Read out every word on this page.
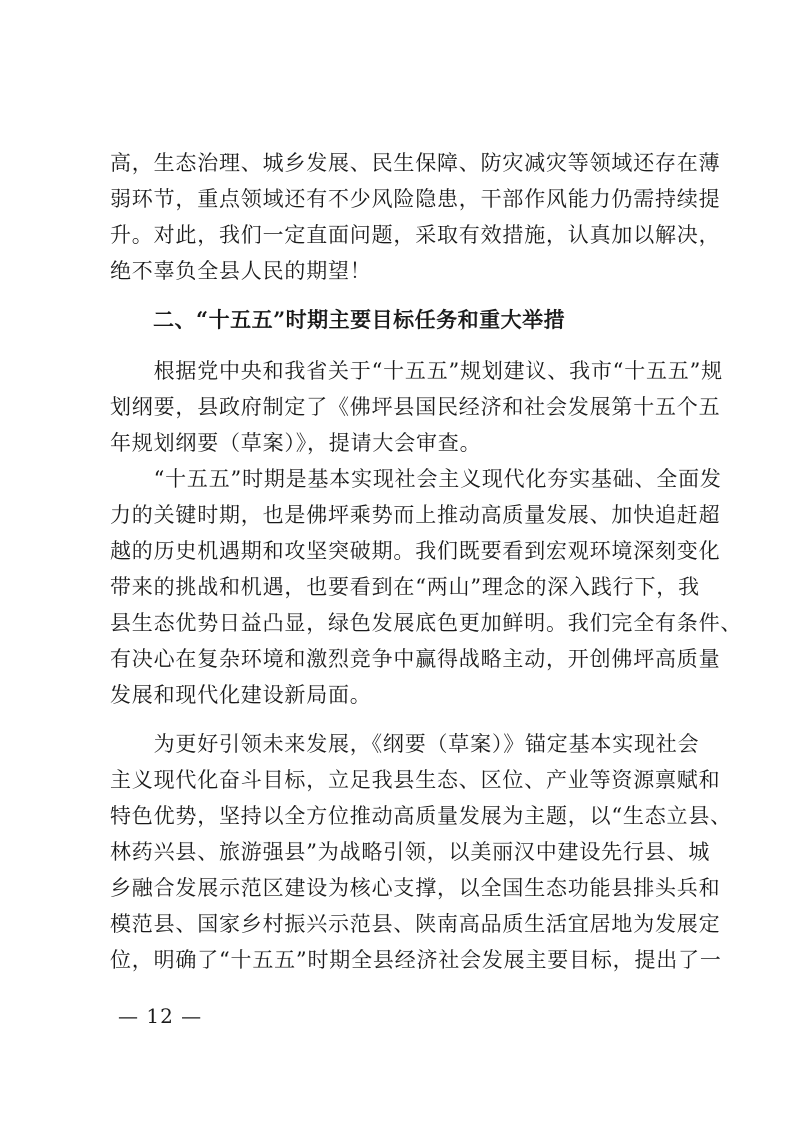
高，生态治理、城乡发展、民生保障、防灾减灾等领域还存在薄
弱环节，重点领域还有不少风险隐患，干部作风能力仍需持续提
升。对此，我们一定直面问题，采取有效措施，认真加以解决，
绝不辜负全县人民的期望！
　　二、“十五五”时期主要目标任务和重大举措
　　根据党中央和我省关于“十五五”规划建议、我市“十五五”规
划纲要，县政府制定了《佛坪县国民经济和社会发展第十五个五
年规划纲要（草案）》，提请大会审查。
　　“十五五”时期是基本实现社会主义现代化夯实基础、全面发
力的关键时期，也是佛坪乘势而上推动高质量发展、加快追赶超
越的历史机遇期和攻坚突破期。我们既要看到宏观环境深刻变化
带来的挑战和机遇，也要看到在“两山”理念的深入践行下，我
县生态优势日益凸显，绿色发展底色更加鲜明。我们完全有条件、
有决心在复杂环境和激烈竞争中赢得战略主动，开创佛坪高质量
发展和现代化建设新局面。
　　为更好引领未来发展，《纲要（草案）》锚定基本实现社会
主义现代化奋斗目标，立足我县生态、区位、产业等资源禀赋和
特色优势，坚持以全方位推动高质量发展为主题，以“生态立县、
林药兴县、旅游强县”为战略引领，以美丽汉中建设先行县、城
乡融合发展示范区建设为核心支撑，以全国生态功能县排头兵和
模范县、国家乡村振兴示范县、陕南高品质生活宜居地为发展定
位，明确了“十五五”时期全县经济社会发展主要目标，提出了一
— 12 —
